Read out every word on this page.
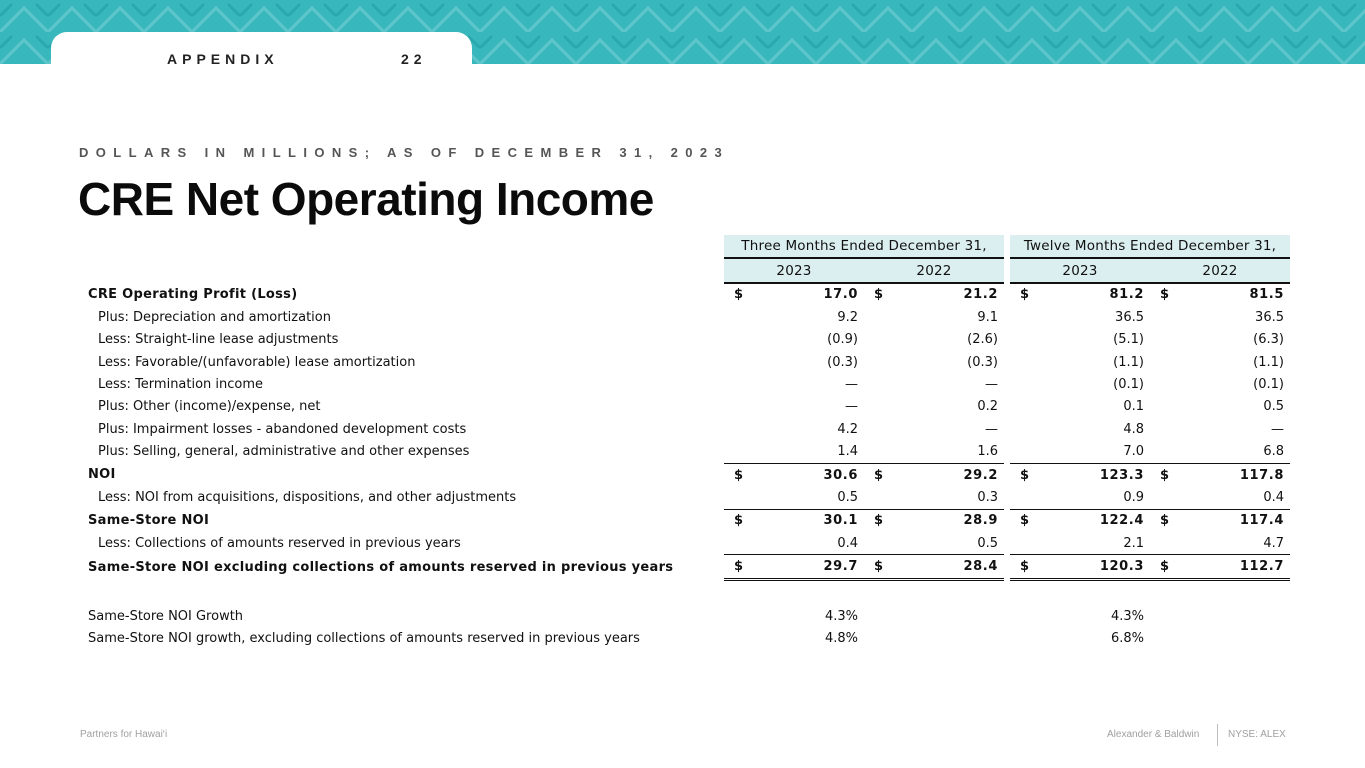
APPENDIX	22
DOLLARS IN MILLIONS; AS OF DECEMBER 31, 2023
CRE Net Operating Income
	Three Months Ended December 31,			Twelve Months Ended December 31,	
	2023	2022		2023	2022
CRE Operating Profit (Loss)	$ 17.0	$ 21.2		$ 81.2	$ 81.5
Plus: Depreciation and amortization	9.2	9.1		36.5	36.5
Less: Straight-line lease adjustments	(0.9)	(2.6)		(5.1)	(6.3)
Less: Favorable/(unfavorable) lease amortization	(0.3)	(0.3)		(1.1)	(1.1)
Less: Termination income	—	—		(0.1)	(0.1)
Plus: Other (income)/expense, net	—	0.2		0.1	0.5
Plus: Impairment losses - abandoned development costs	4.2	—		4.8	—
Plus: Selling, general, administrative and other expenses	1.4	1.6		7.0	6.8
NOI	$ 30.6	$ 29.2		$ 123.3	$ 117.8
Less: NOI from acquisitions, dispositions, and other adjustments	0.5	0.3		0.9	0.4
Same-Store NOI	$ 30.1	$ 28.9		$ 122.4	$ 117.4
Less: Collections of amounts reserved in previous years	0.4	0.5		2.1	4.7
Same-Store NOI excluding collections of amounts reserved in previous years	$ 29.7	$ 28.4		$ 120.3	$ 112.7

Same-Store NOI Growth	4.3%			4.3%	
Same-Store NOI growth, excluding collections of amounts reserved in previous years	4.8%			6.8%	
Partners for Hawai‘i	Alexander & Baldwin	NYSE: ALEX
